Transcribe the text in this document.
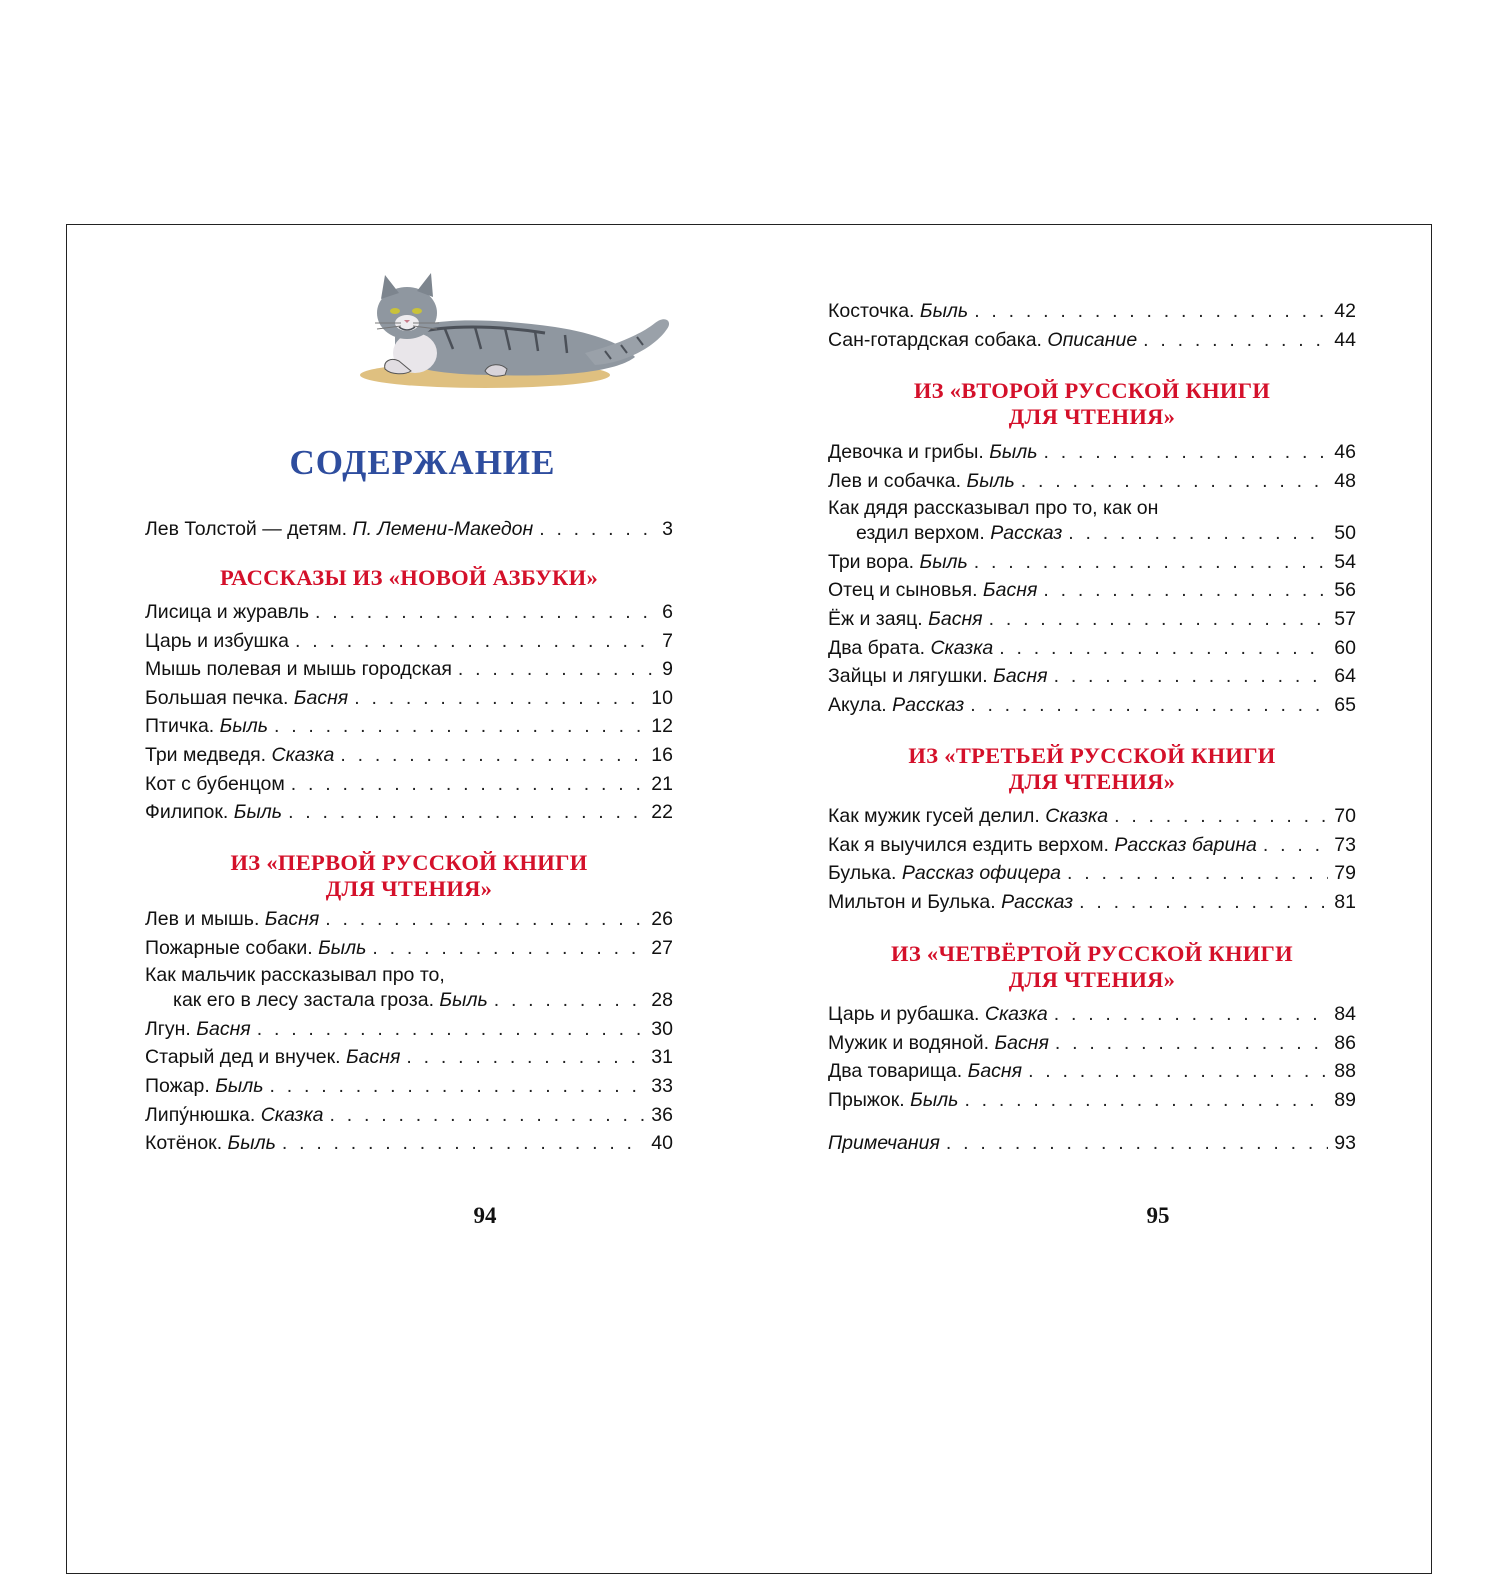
СОДЕРЖАНИЕ
Лев Толстой — детям. П. Лемени-Македон . . .	3
РАССКАЗЫ ИЗ «НОВОЙ АЗБУКИ»
Лисица и журавль . . .	6
Царь и избушка . . .	7
Мышь полевая и мышь городская . . .	9
Большая печка. Басня . . .	10
Птичка. Быль . . .	12
Три медведя. Сказка . . .	16
Кот с бубенцом . . .	21
Филипок. Быль . . .	22
ИЗ «ПЕРВОЙ РУССКОЙ КНИГИ
ДЛЯ ЧТЕНИЯ»
Лев и мышь. Басня . . .	26
Пожарные собаки. Быль . . .	27
Как мальчик рассказывал про то,
как его в лесу застала гроза. Быль . . .	28
Лгун. Басня . . .	30
Старый дед и внучек. Басня . . .	31
Пожар. Быль . . .	33
Липу́нюшка. Сказка . . .	36
Котёнок. Быль . . .	40
94
Косточка. Быль . . .	42
Сан-готардская собака. Описание . . .	44
ИЗ «ВТОРОЙ РУССКОЙ КНИГИ
ДЛЯ ЧТЕНИЯ»
Девочка и грибы. Быль . . .	46
Лев и собачка. Быль . . .	48
Как дядя рассказывал про то, как он
ездил верхом. Рассказ . . .	50
Три вора. Быль . . .	54
Отец и сыновья. Басня . . .	56
Ёж и заяц. Басня . . .	57
Два брата. Сказка . . .	60
Зайцы и лягушки. Басня . . .	64
Акула. Рассказ . . .	65
ИЗ «ТРЕТЬЕЙ РУССКОЙ КНИГИ
ДЛЯ ЧТЕНИЯ»
Как мужик гусей делил. Сказка . . .	70
Как я выучился ездить верхом. Рассказ барина . . .	73
Булька. Рассказ офицера . . .	79
Мильтон и Булька. Рассказ . . .	81
ИЗ «ЧЕТВЁРТОЙ РУССКОЙ КНИГИ
ДЛЯ ЧТЕНИЯ»
Царь и рубашка. Сказка . . .	84
Мужик и водяной. Басня . . .	86
Два товарища. Басня . . .	88
Прыжок. Быль . . .	89
Примечания . . .	93
95
